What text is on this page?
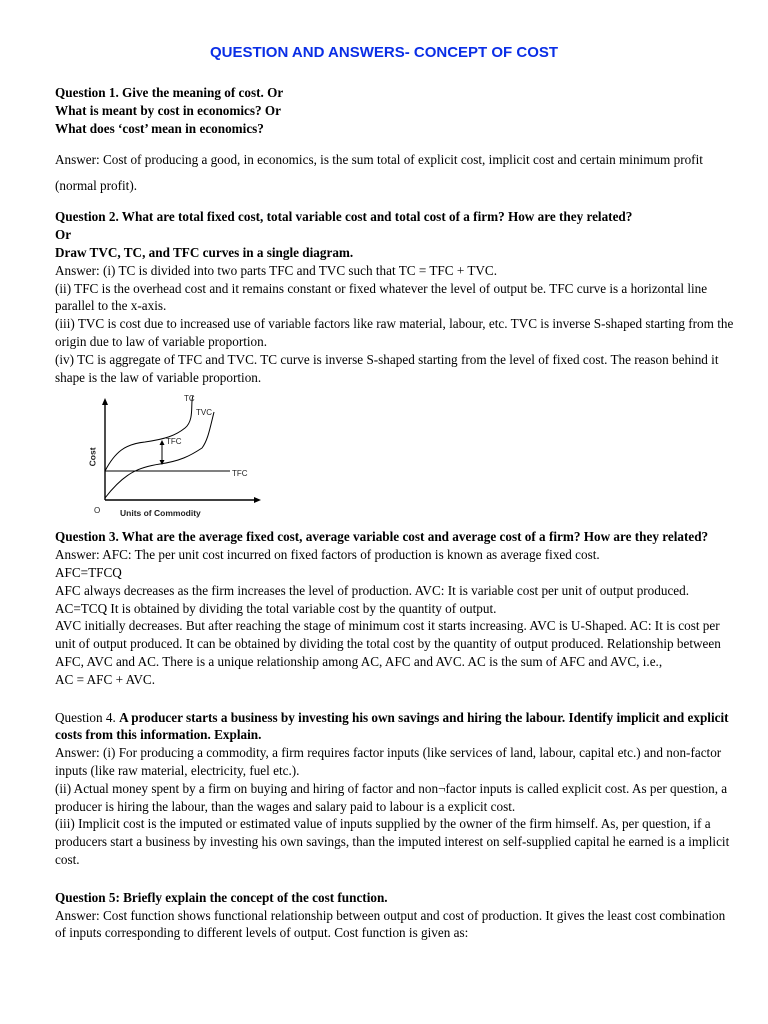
QUESTION AND ANSWERS- CONCEPT OF COST

Question 1. Give the meaning of cost. Or

What is meant by cost in economics? Or

What does ‘cost’ mean in economics?

Answer: Cost of producing a good, in economics, is the sum total of explicit cost, implicit cost and certain minimum profit (normal profit).

Question 2. What are total fixed cost, total variable cost and total cost of a firm? How are they related?

Or

Draw TVC, TC, and TFC curves in a single diagram.

Answer: (i) TC is divided into two parts TFC and TVC such that TC = TFC + TVC.

(ii) TFC is the overhead cost and it remains constant or fixed whatever the level of output be. TFC curve is a horizontal line parallel to the x-axis.

(iii) TVC is cost due to increased use of variable factors like raw material, labour, etc. TVC is inverse S-shaped starting from the origin due to law of variable proportion.

(iv) TC is aggregate of TFC and TVC. TC curve is inverse S-shaped starting from the level of fixed cost. The reason behind it shape is the law of variable proportion.

TC
TVC
TFC
TFC
Cost
Units of Commodity
O

Question 3. What are the average fixed cost, average variable cost and average cost of a firm? How are they related?

Answer: AFC: The per unit cost incurred on fixed factors of production is known as average fixed cost.

AFC=TFCQ

AFC always decreases as the firm increases the level of production. AVC: It is variable cost per unit of output produced.

AC=TCQ It is obtained by dividing the total variable cost by the quantity of output.

AVC initially decreases. But after reaching the stage of minimum cost it starts increasing. AVC is U-Shaped. AC: It is cost per unit of output produced. It can be obtained by dividing the total cost by the quantity of output produced. Relationship between AFC, AVC and AC. There is a unique relationship among AC, AFC and AVC. AC is the sum of AFC and AVC, i.e.,

AC = AFC + AVC.

Question 4. A producer starts a business by investing his own savings and hiring the labour. Identify implicit and explicit costs from this information. Explain.

Answer: (i) For producing a commodity, a firm requires factor inputs (like services of land, labour, capital etc.) and non-factor inputs (like raw material, electricity, fuel etc.).

(ii) Actual money spent by a firm on buying and hiring of factor and non¬factor inputs is called explicit cost. As per question, a producer is hiring the labour, than the wages and salary paid to labour is a explicit cost.

(iii) Implicit cost is the imputed or estimated value of inputs supplied by the owner of the firm himself. As, per question, if a producers start a business by investing his own savings, than the imputed interest on self-supplied capital he earned is a implicit cost.

Question 5: Briefly explain the concept of the cost function.

Answer: Cost function shows functional relationship between output and cost of production. It gives the least cost combination of inputs corresponding to different levels of output. Cost function is given as:
